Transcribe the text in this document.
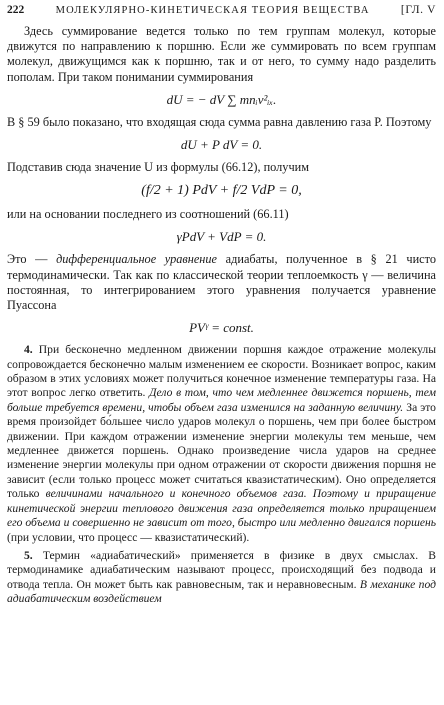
222	МОЛЕКУЛЯРНО-КИНЕТИЧЕСКАЯ ТЕОРИЯ ВЕЩЕСТВА	[ГЛ. V

Здесь суммирование ведется только по тем группам молекул, которые движутся по направлению к поршню. Если же суммировать по всем группам молекул, движущимся как к поршню, так и от него, то сумму надо разделить пополам. При таком понимании суммирования

dU = − dV ∑ mnᵢv²ᵢₓ.

В § 59 было показано, что входящая сюда сумма равна давлению газа P. Поэтому

dU + P dV = 0.

Подставив сюда значение U из формулы (66.12), получим

(f/2 + 1) PdV + f/2 VdP = 0,

или на основании последнего из соотношений (66.11)

γPdV + VdP = 0.

Это — дифференциальное уравнение адиабаты, полученное в § 21 чисто термодинамически. Так как по классической теории теплоемкость γ — величина постоянная, то интегрированием этого уравнения получается уравнение Пуассона

PVᵞ = const.

4. При бесконечно медленном движении поршня каждое отражение молекулы сопровождается бесконечно малым изменением ее скорости. Возникает вопрос, каким образом в этих условиях может получиться конечное изменение температуры газа. На этот вопрос легко ответить. Дело в том, что чем медленнее движется поршень, тем больше требуется времени, чтобы объем газа изменился на заданную величину. За это время произойдет бо́льшее число ударов молекул о поршень, чем при более быстром движении. При каждом отражении изменение энергии молекулы тем меньше, чем медленнее движется поршень. Однако произведение числа ударов на среднее изменение энергии молекулы при одном отражении от скорости движения поршня не зависит (если только процесс может считаться квазистатическим). Оно определяется только величинами начального и конечного объемов газа. Поэтому и приращение кинетической энергии теплового движения газа определяется только приращением его объема и совершенно не зависит от того, быстро или медленно двигался поршень (при условии, что процесс — квазистатический).

5. Термин «адиабатический» применяется в физике в двух смыслах. В термодинамике адиабатическим называют процесс, происходящий без подвода и отвода тепла. Он может быть как равновесным, так и неравновесным. В механике под адиабатическим воздействием
